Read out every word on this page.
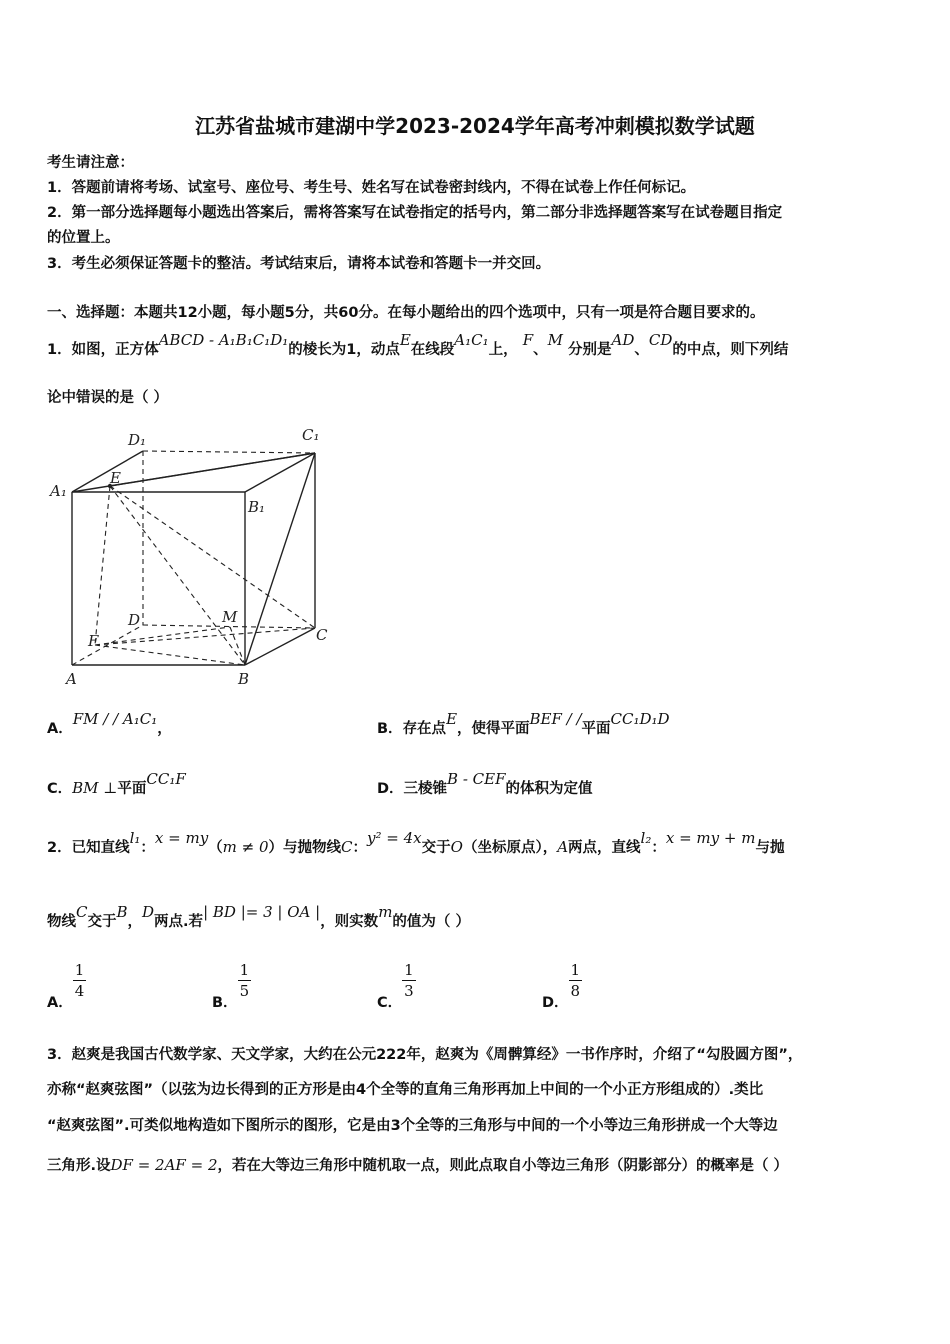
江苏省盐城市建湖中学2023-2024学年高考冲刺模拟数学试题
考生请注意：
1．答题前请将考场、试室号、座位号、考生号、姓名写在试卷密封线内，不得在试卷上作任何标记。
2．第一部分选择题每小题选出答案后，需将答案写在试卷指定的括号内，第二部分非选择题答案写在试卷题目指定
的位置上。
3．考生必须保证答题卡的整洁。考试结束后，请将本试卷和答题卡一并交回。
一、选择题：本题共12小题，每小题5分，共60分。在每小题给出的四个选项中，只有一项是符合题目要求的。
1．如图，正方体ABCD - A₁B₁C₁D₁的棱长为1，动点E在线段A₁C₁上， F、M 分别是AD、CD的中点，则下列结
论中错误的是（ ）
D₁	C₁
A₁
E
B₁
D	M
F	C
A	B
A．FM / / A₁C₁，	B．存在点E，使得平面BEF / /平面CC₁D₁D
C．BM ⊥平面CC₁F
D．三棱锥B - CEF的体积为定值
2．已知直线l₁：x = my（m ≠ 0）与抛物线C：y² = 4x交于O（坐标原点），A两点，直线l₂：x = my + m与抛
物线C交于B，D两点.若| BD |= 3 | OA |，则实数m的值为（ ）
A．
$\frac{1}{4}$
B．
$\frac{1}{5}$
C．
$\frac{1}{3}$
D．
$\frac{1}{8}$
3．赵爽是我国古代数学家、天文学家，大约在公元222年，赵爽为《周髀算经》一书作序时，介绍了“勾股圆方图”，
亦称“赵爽弦图”（以弦为边长得到的正方形是由4个全等的直角三角形再加上中间的一个小正方形组成的）.类比
“赵爽弦图”.可类似地构造如下图所示的图形，它是由3个全等的三角形与中间的一个小等边三角形拼成一个大等边
三角形.设DF = 2AF = 2，若在大等边三角形中随机取一点，则此点取自小等边三角形（阴影部分）的概率是（ ）
